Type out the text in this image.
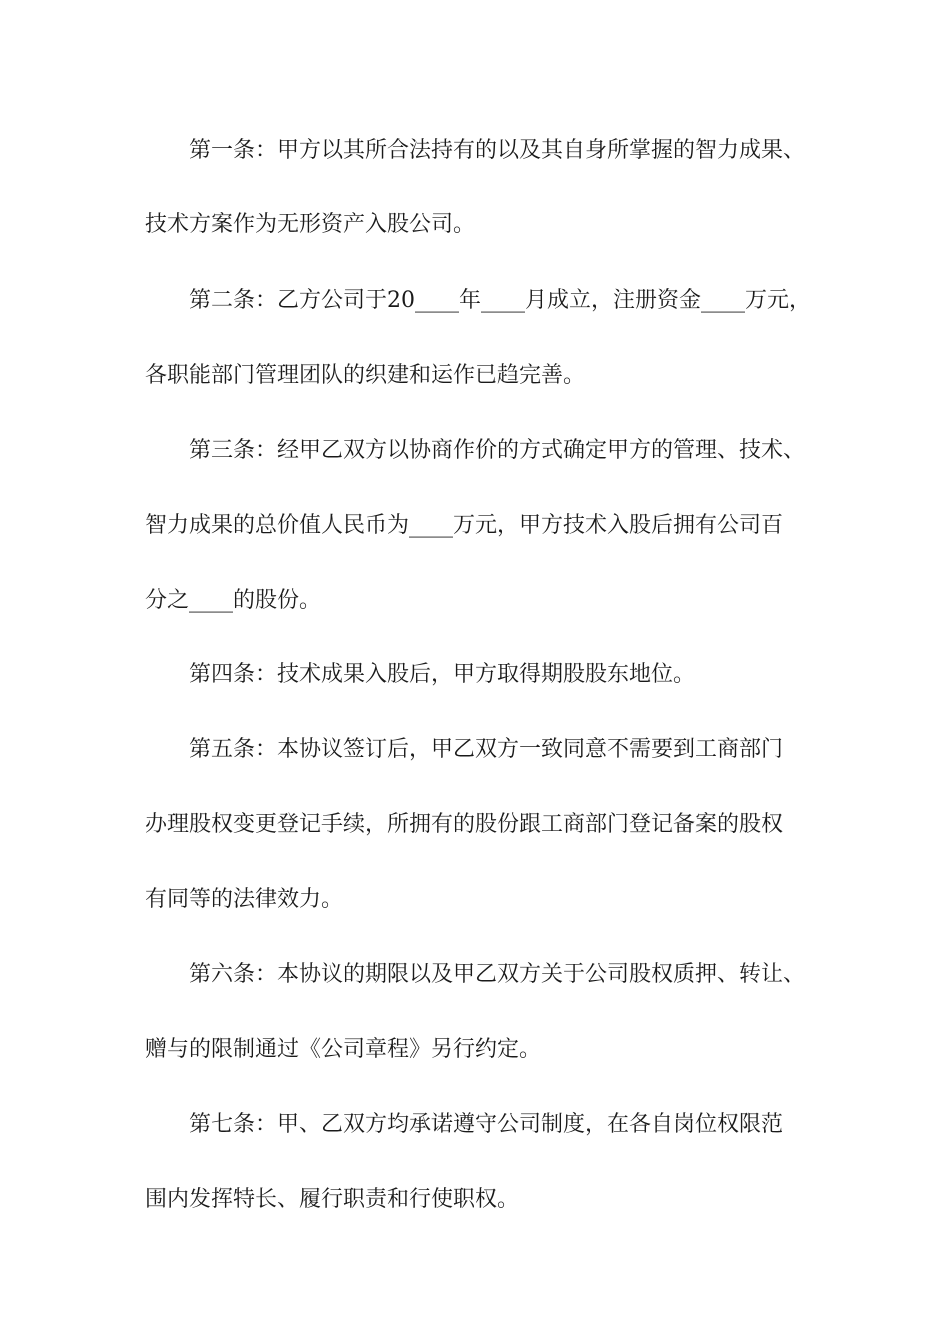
第一条：甲方以其所合法持有的以及其自身所掌握的智力成果、
技术方案作为无形资产入股公司。
第二条：乙方公司于20____年____月成立，注册资金____万元，
各职能部门管理团队的织建和运作已趋完善。
第三条：经甲乙双方以协商作价的方式确定甲方的管理、技术、
智力成果的总价值人民币为____万元，甲方技术入股后拥有公司百
分之____的股份。
第四条：技术成果入股后，甲方取得期股股东地位。
第五条：本协议签订后，甲乙双方一致同意不需要到工商部门
办理股权变更登记手续，所拥有的股份跟工商部门登记备案的股权
有同等的法律效力。
第六条：本协议的期限以及甲乙双方关于公司股权质押、转让、
赠与的限制通过《公司章程》另行约定。
第七条：甲、乙双方均承诺遵守公司制度，在各自岗位权限范
围内发挥特长、履行职责和行使职权。
